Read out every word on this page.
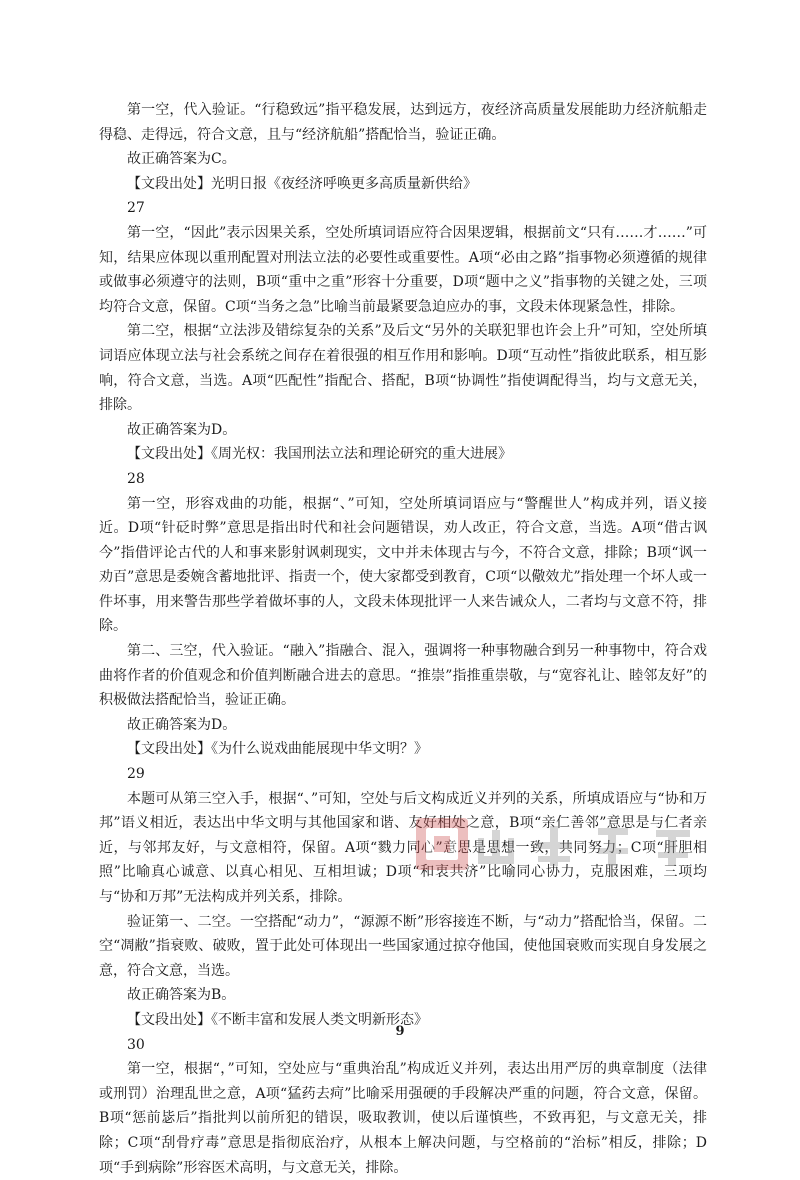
第一空，代入验证。“行稳致远”指平稳发展，达到远方，夜经济高质量发展能助力经济航船走得稳、走得远，符合文意，且与“经济航船”搭配恰当，验证正确。

故正确答案为C。

【文段出处】光明日报《夜经济呼唤更多高质量新供给》

27

第一空，“因此”表示因果关系，空处所填词语应符合因果逻辑，根据前文“只有……才……”可知，结果应体现以重刑配置对刑法立法的必要性或重要性。A项“必由之路”指事物必须遵循的规律或做事必须遵守的法则，B项“重中之重”形容十分重要，D项“题中之义”指事物的关键之处，三项均符合文意，保留。C项“当务之急”比喻当前最紧要急迫应办的事，文段未体现紧急性，排除。

第二空，根据“立法涉及错综复杂的关系”及后文“另外的关联犯罪也许会上升”可知，空处所填词语应体现立法与社会系统之间存在着很强的相互作用和影响。D项“互动性”指彼此联系，相互影响，符合文意，当选。A项“匹配性”指配合、搭配，B项“协调性”指使调配得当，均与文意无关，排除。

故正确答案为D。

【文段出处】《周光权：我国刑法立法和理论研究的重大进展》

28

第一空，形容戏曲的功能，根据“、”可知，空处所填词语应与“警醒世人”构成并列，语义接近。D项“针砭时弊”意思是指出时代和社会问题错误，劝人改正，符合文意，当选。A项“借古讽今”指借评论古代的人和事来影射讽刺现实，文中并未体现古与今，不符合文意，排除；B项“讽一劝百”意思是委婉含蓄地批评、指责一个，使大家都受到教育，C项“以儆效尤”指处理一个坏人或一件坏事，用来警告那些学着做坏事的人，文段未体现批评一人来告诫众人，二者均与文意不符，排除。

第二、三空，代入验证。“融入”指融合、混入，强调将一种事物融合到另一种事物中，符合戏曲将作者的价值观念和价值判断融合进去的意思。“推崇”指推重崇敬，与“宽容礼让、睦邻友好”的积极做法搭配恰当，验证正确。

故正确答案为D。

【文段出处】《为什么说戏曲能展现中华文明？》

29

本题可从第三空入手，根据“、”可知，空处与后文构成近义并列的关系，所填成语应与“协和万邦”语义相近，表达出中华文明与其他国家和谐、友好相处之意，B项“亲仁善邻”意思是与仁者亲近，与邻邦友好，与文意相符，保留。A项“戮力同心”意思是思想一致，共同努力；C项“肝胆相照”比喻真心诚意、以真心相见、互相坦诚；D项“和衷共济”比喻同心协力，克服困难，三项均与“协和万邦”无法构成并列关系，排除。

验证第一、二空。一空搭配“动力”，“源源不断”形容接连不断，与“动力”搭配恰当，保留。二空“凋敝”指衰败、破败，置于此处可体现出一些国家通过掠夺他国，使他国衰败而实现自身发展之意，符合文意，当选。

故正确答案为B。

【文段出处】《不断丰富和发展人类文明新形态》

30

第一空，根据“，”可知，空处应与“重典治乱”构成近义并列，表达出用严厉的典章制度（法律或刑罚）治理乱世之意，A项“猛药去疴”比喻采用强硬的手段解决严重的问题，符合文意，保留。B项“惩前毖后”指批判以前所犯的错误，吸取教训，使以后谨慎些，不致再犯，与文意无关，排除；C项“刮骨疗毒”意思是指彻底治疗，从根本上解决问题，与空格前的“治标”相反，排除；D项“手到病除”形容医术高明，与文意无关，排除。

9
